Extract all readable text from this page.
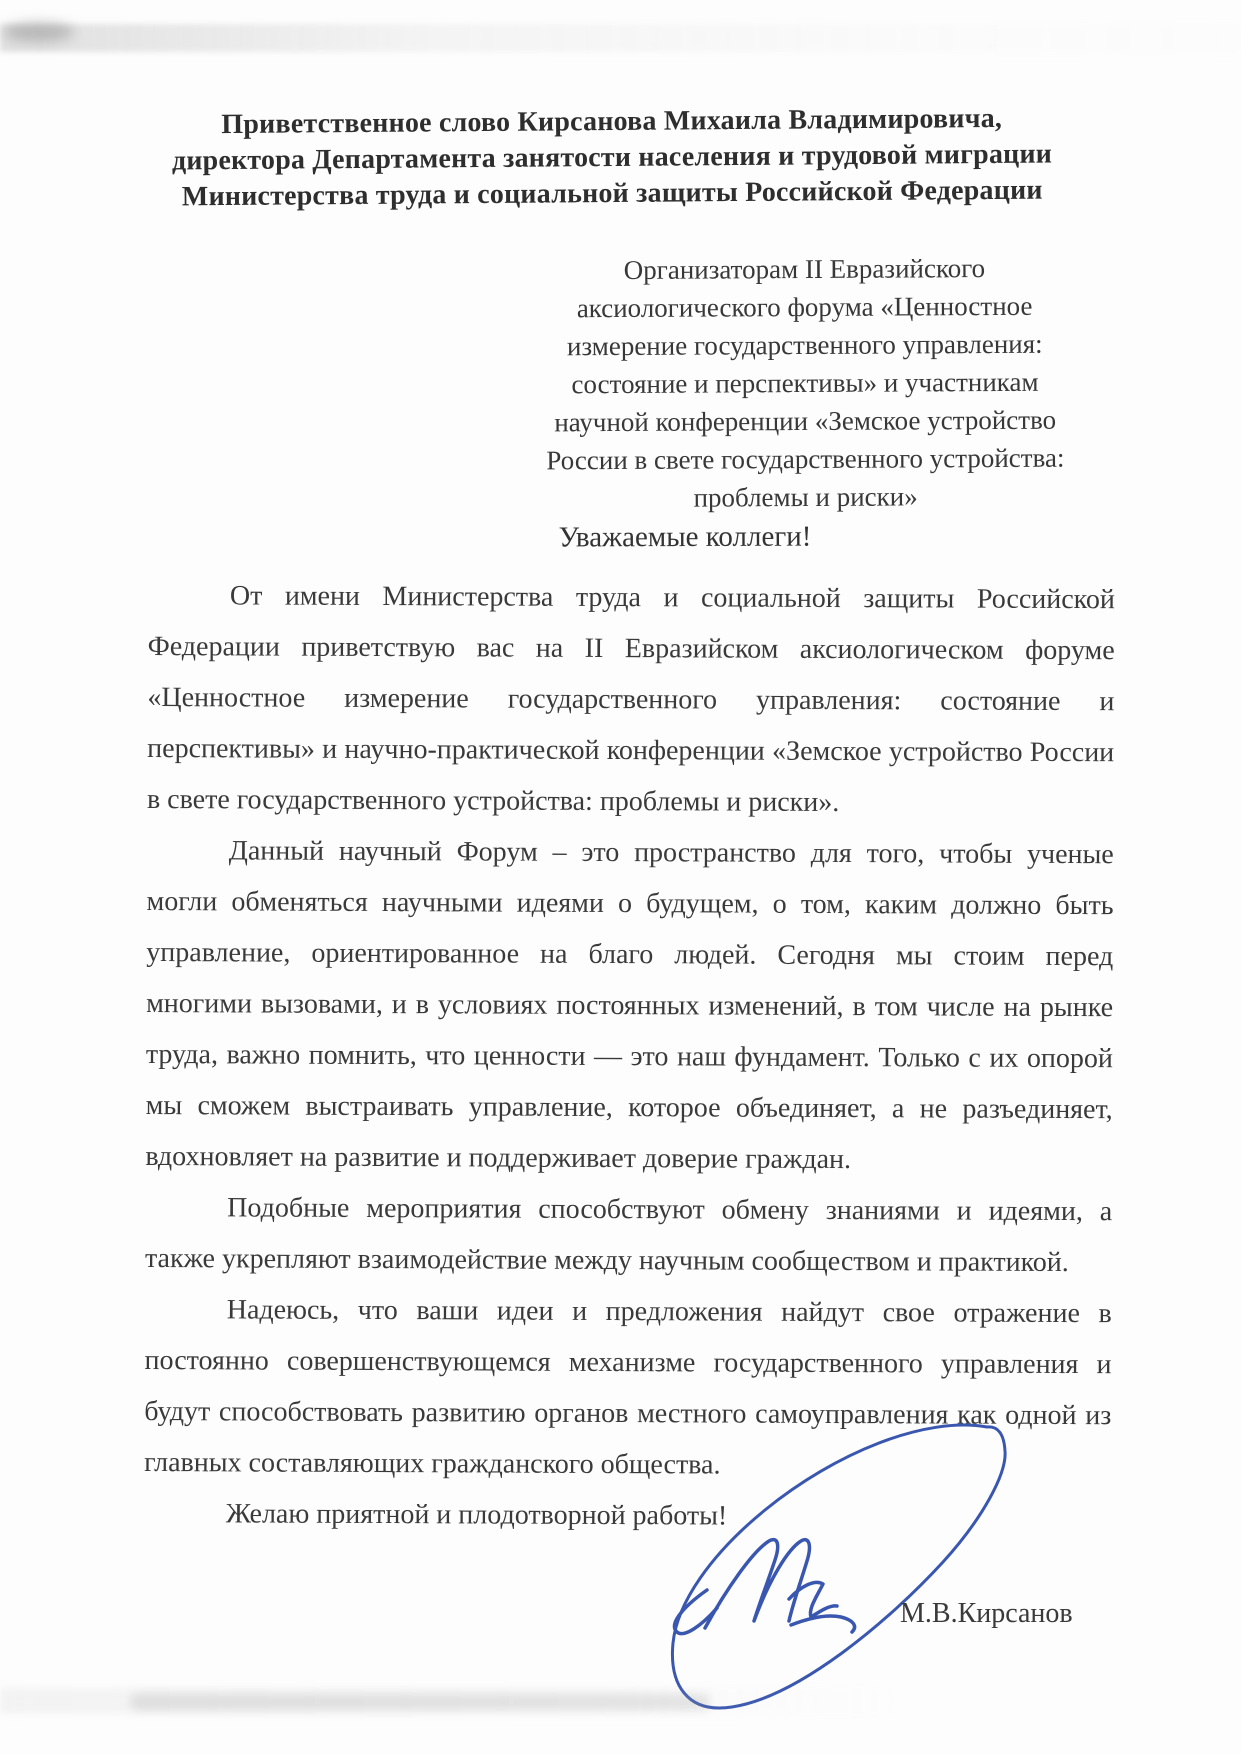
Приветственное слово Кирсанова Михаила Владимировича,
директора Департамента занятости населения и трудовой миграции
Министерства труда и социальной защиты Российской Федерации
Организаторам II Евразийского
аксиологического форума «Ценностное
измерение государственного управления:
состояние и перспективы» и участникам
научной конференции «Земское устройство
России в свете государственного устройства:
проблемы и риски»
Уважаемые коллеги!

От имени Министерства труда и социальной защиты Российской Федерации приветствую вас на II Евразийском аксиологическом форуме «Ценностное измерение государственного управления: состояние и перспективы» и научно-практической конференции «Земское устройство России в свете государственного устройства: проблемы и риски».

Данный научный Форум – это пространство для того, чтобы ученые могли обменяться научными идеями о будущем, о том, каким должно быть управление, ориентированное на благо людей. Сегодня мы стоим перед многими вызовами, и в условиях постоянных изменений, в том числе на рынке труда, важно помнить, что ценности — это наш фундамент. Только с их опорой мы сможем выстраивать управление, которое объединяет, а не разъединяет, вдохновляет на развитие и поддерживает доверие граждан.

Подобные мероприятия способствуют обмену знаниями и идеями, а также укрепляют взаимодействие между научным сообществом и практикой.

Надеюсь, что ваши идеи и предложения найдут свое отражение в постоянно совершенствующемся механизме государственного управления и будут способствовать развитию органов местного самоуправления как одной из главных составляющих гражданского общества.

Желаю приятной и плодотворной работы!

М.В.Кирсанов
